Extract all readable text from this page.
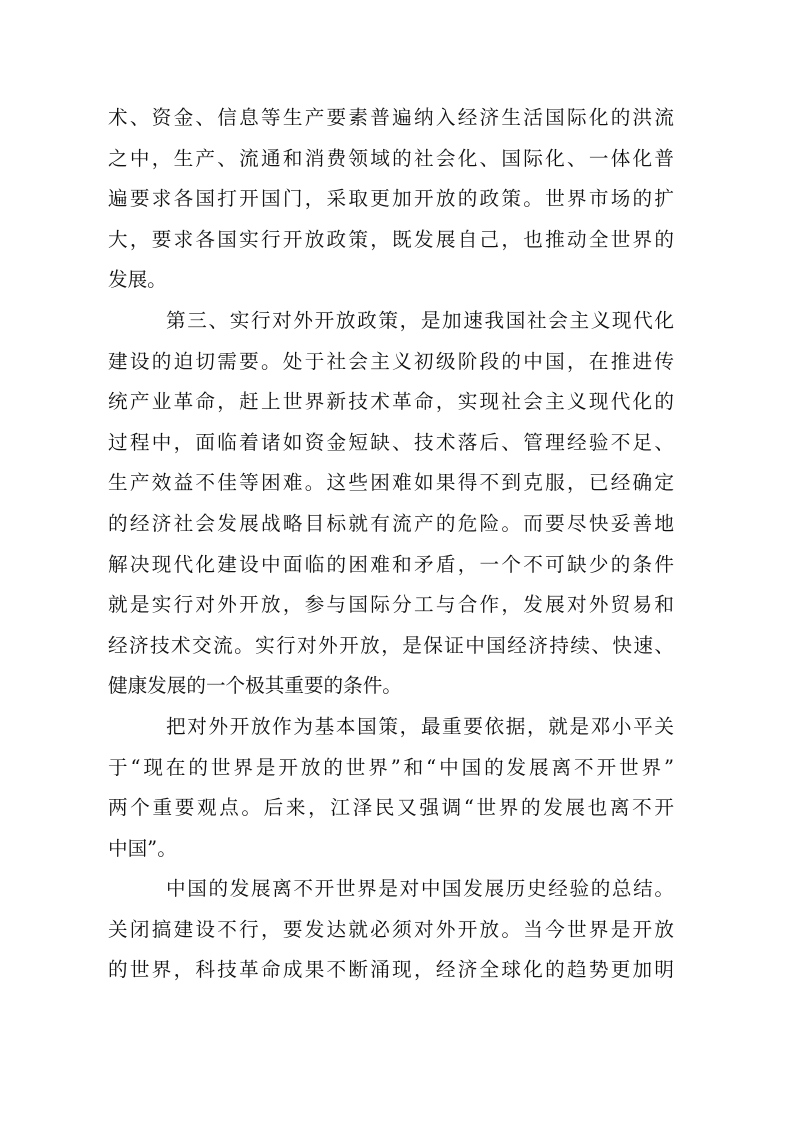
术、资金、信息等生产要素普遍纳入经济生活国际化的洪流
之中，生产、流通和消费领域的社会化、国际化、一体化普
遍要求各国打开国门，采取更加开放的政策。世界市场的扩
大，要求各国实行开放政策，既发展自己，也推动全世界的
发展。
第三、实行对外开放政策，是加速我国社会主义现代化
建设的迫切需要。处于社会主义初级阶段的中国，在推进传
统产业革命，赶上世界新技术革命，实现社会主义现代化的
过程中，面临着诸如资金短缺、技术落后、管理经验不足、
生产效益不佳等困难。这些困难如果得不到克服，已经确定
的经济社会发展战略目标就有流产的危险。而要尽快妥善地
解决现代化建设中面临的困难和矛盾，一个不可缺少的条件
就是实行对外开放，参与国际分工与合作，发展对外贸易和
经济技术交流。实行对外开放，是保证中国经济持续、快速、
健康发展的一个极其重要的条件。
把对外开放作为基本国策，最重要依据，就是邓小平关
于“现在的世界是开放的世界”和“中国的发展离不开世界”
两个重要观点。后来，江泽民又强调“世界的发展也离不开
中国”。
中国的发展离不开世界是对中国发展历史经验的总结。
关闭搞建设不行，要发达就必须对外开放。当今世界是开放
的世界，科技革命成果不断涌现，经济全球化的趋势更加明
